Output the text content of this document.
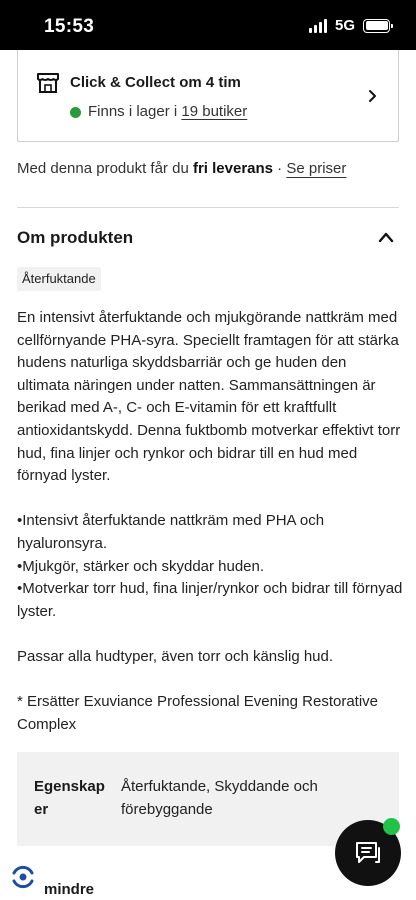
15:53	5G
Click & Collect om 4 tim
Finns i lager i 19 butiker
Med denna produkt får du fri leverans · Se priser
Om produkten
Återfuktande

En intensivt återfuktande och mjukgörande nattkräm med cellförnyande PHA-syra. Speciellt framtagen för att stärka hudens naturliga skyddsbarriär och ge huden den ultimata näringen under natten. Sammansättningen är berikad med A-, C- och E-vitamin för ett kraftfullt antioxidantskydd. Denna fuktbomb motverkar effektivt torr hud, fina linjer och rynkor och bidrar till en hud med förnyad lyster.

•Intensivt återfuktande nattkräm med PHA och hyaluronsyra.
•Mjukgör, stärker och skyddar huden.
•Motverkar torr hud, fina linjer/rynkor och bidrar till förnyad lyster.

Passar alla hudtyper, även torr och känslig hud.

* Ersätter Exuviance Professional Evening Restorative Complex

Egenskaper
Återfuktande, Skyddande och förebyggande
mindre
